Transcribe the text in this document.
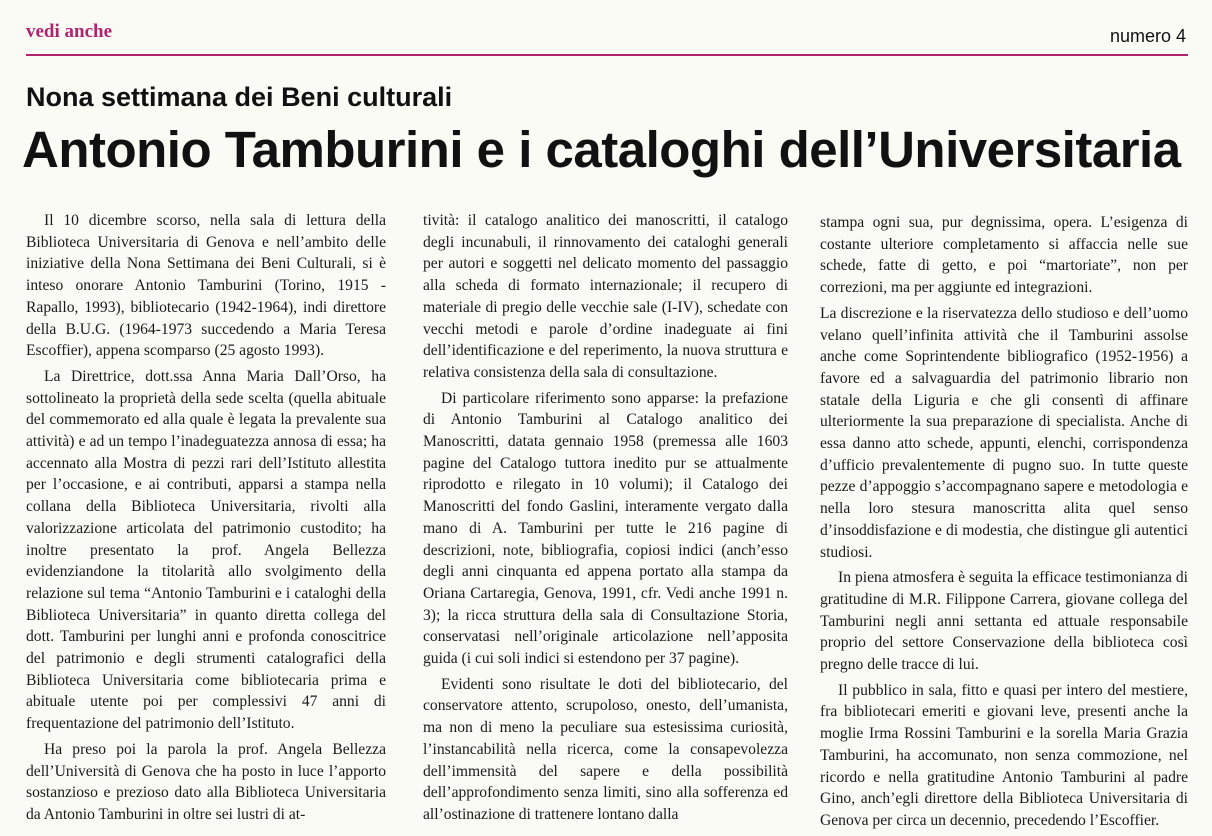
vedi anche	numero 4
Nona settimana dei Beni culturali
Antonio Tamburini e i cataloghi dell’Universitaria

Il 10 dicembre scorso, nella sala di lettura della Biblioteca Universitaria di Genova e nell’ambito delle iniziative della Nona Settimana dei Beni Culturali, si è inteso onorare Antonio Tamburini (Torino, 1915 - Rapallo, 1993), bibliotecario (1942-1964), indi direttore della B.U.G. (1964-1973 succedendo a Maria Teresa Escoffier), appena scomparso (25 agosto 1993).

La Direttrice, dott.ssa Anna Maria Dall’Orso, ha sottolineato la proprietà della sede scelta (quella abituale del commemorato ed alla quale è legata la prevalente sua attività) e ad un tempo l’inadeguatezza annosa di essa; ha accennato alla Mostra di pezzi rari dell’Istituto allestita per l’occasione, e ai contributi, apparsi a stampa nella collana della Biblioteca Universitaria, rivolti alla valorizzazione articolata del patrimonio custodito; ha inoltre presentato la prof. Angela Bellezza evidenziandone la titolarità allo svolgimento della relazione sul tema “Antonio Tamburini e i cataloghi della Biblioteca Universitaria” in quanto diretta collega del dott. Tamburini per lunghi anni e profonda conoscitrice del patrimonio e degli strumenti catalografici della Biblioteca Universitaria come bibliotecaria prima e abituale utente poi per complessivi 47 anni di frequentazione del patrimonio dell’Istituto.

Ha preso poi la parola la prof. Angela Bellezza dell’Università di Genova che ha posto in luce l’apporto sostanzioso e prezioso dato alla Biblioteca Universitaria da Antonio Tamburini in oltre sei lustri di at-

tività: il catalogo analitico dei manoscritti, il catalogo degli incunabuli, il rinnovamento dei cataloghi generali per autori e soggetti nel delicato momento del passaggio alla scheda di formato internazionale; il recupero di materiale di pregio delle vecchie sale (I-IV), schedate con vecchi metodi e parole d’ordine inadeguate ai fini dell’identificazione e del reperimento, la nuova struttura e relativa consistenza della sala di consultazione.

Di particolare riferimento sono apparse: la prefazione di Antonio Tamburini al Catalogo analitico dei Manoscritti, datata gennaio 1958 (premessa alle 1603 pagine del Catalogo tuttora inedito pur se attualmente riprodotto e rilegato in 10 volumi); il Catalogo dei Manoscritti del fondo Gaslini, interamente vergato dalla mano di A. Tamburini per tutte le 216 pagine di descrizioni, note, bibliografia, copiosi indici (anch’esso degli anni cinquanta ed appena portato alla stampa da Oriana Cartaregia, Genova, 1991, cfr. Vedi anche 1991 n. 3); la ricca struttura della sala di Consultazione Storia, conservatasi nell’originale articolazione nell’apposita guida (i cui soli indici si estendono per 37 pagine).

Evidenti sono risultate le doti del bibliotecario, del conservatore attento, scrupoloso, onesto, dell’umanista, ma non di meno la peculiare sua estesissima curiosità, l’instancabilità nella ricerca, come la consapevolezza dell’immensità del sapere e della possibilità dell’approfondimento senza limiti, sino alla sofferenza ed all’ostinazione di trattenere lontano dalla

stampa ogni sua, pur degnissima, opera. L’esigenza di costante ulteriore completamento si affaccia nelle sue schede, fatte di getto, e poi “martoriate”, non per correzioni, ma per aggiunte ed integrazioni.

La discrezione e la riservatezza dello studioso e dell’uomo velano quell’infinita attività che il Tamburini assolse anche come Soprintendente bibliografico (1952-1956) a favore ed a salvaguardia del patrimonio librario non statale della Liguria e che gli consentì di affinare ulteriormente la sua preparazione di specialista. Anche di essa danno atto schede, appunti, elenchi, corrispondenza d’ufficio prevalentemente di pugno suo. In tutte queste pezze d’appoggio s’accompagnano sapere e metodologia e nella loro stesura manoscritta alita quel senso d’insoddisfazione e di modestia, che distingue gli autentici studiosi.

In piena atmosfera è seguita la efficace testimonianza di gratitudine di M.R. Filippone Carrera, giovane collega del Tamburini negli anni settanta ed attuale responsabile proprio del settore Conservazione della biblioteca così pregno delle tracce di lui.

Il pubblico in sala, fitto e quasi per intero del mestiere, fra bibliotecari emeriti e giovani leve, presenti anche la moglie Irma Rossini Tamburini e la sorella Maria Grazia Tamburini, ha accomunato, non senza commozione, nel ricordo e nella gratitudine Antonio Tamburini al padre Gino, anch’egli direttore della Biblioteca Universitaria di Genova per circa un decennio, precedendo l’Escoffier.
